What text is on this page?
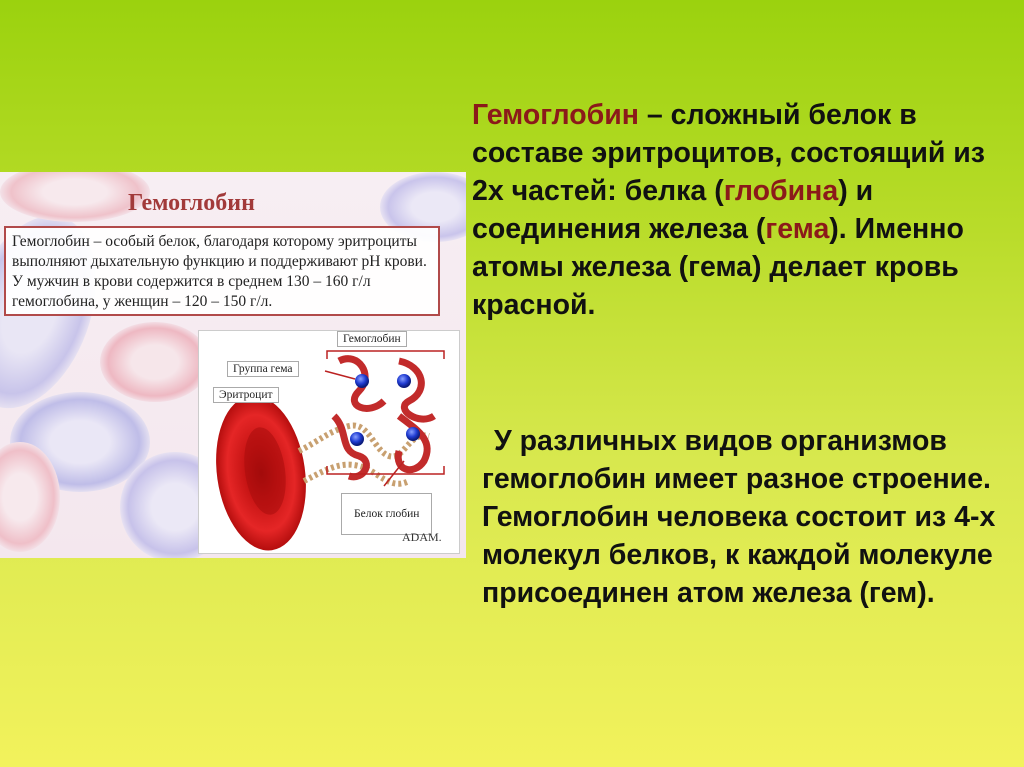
Гемоглобин
Гемоглобин – особый белок, благодаря которому эритроциты выполняют дыхательную функцию и поддерживают pH крови. У мужчин в крови содержится в среднем 130 – 160 г/л гемоглобина, у женщин – 120 – 150 г/л.
Гемоглобин
Группа гема
Эритроцит
Белок глобин
ADAM.
Гемоглобин – сложный белок в составе эритроцитов, состоящий из 2х частей: белка (глобина) и соединения железа (гема). Именно атомы железа (гема) делает кровь красной.
У различных видов организмов гемоглобин имеет разное строение. Гемоглобин человека состоит из 4-х молекул белков, к каждой молекуле присоединен атом железа (гем).
